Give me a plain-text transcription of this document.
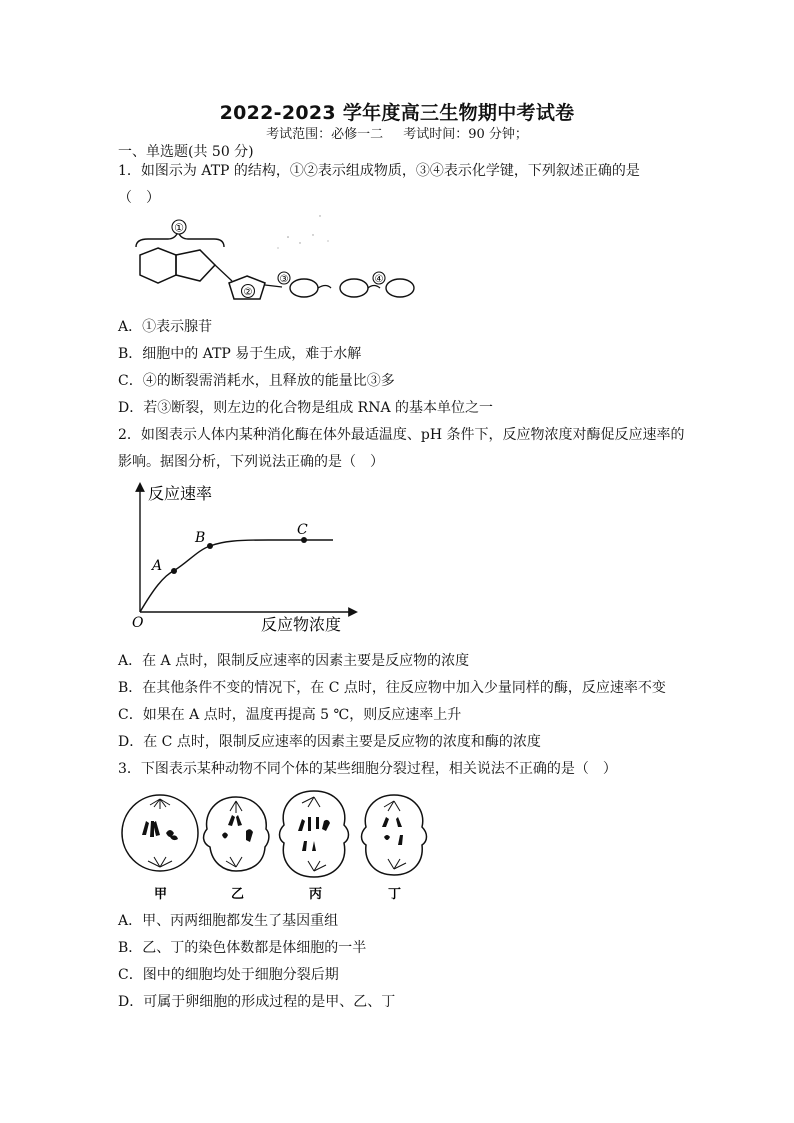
2022-2023 学年度高三生物期中考试卷
考试范围：必修一二 考试时间：90 分钟；
一、单选题(共 50 分)
1．如图示为 ATP 的结构，①②表示组成物质，③④表示化学键，下列叙述正确的是
（　）
①
②
③	④
A．①表示腺苷
B．细胞中的 ATP 易于生成，难于水解
C．④的断裂需消耗水，且释放的能量比③多
D．若③断裂，则左边的化合物是组成 RNA 的基本单位之一
2．如图表示人体内某种消化酶在体外最适温度、pH 条件下，反应物浓度对酶促反应速率的
影响。据图分析，下列说法正确的是（　）
反应速率
反应物浓度
O
A
B	C
A．在 A 点时，限制反应速率的因素主要是反应物的浓度
B．在其他条件不变的情况下，在 C 点时，往反应物中加入少量同样的酶，反应速率不变
C．如果在 A 点时，温度再提高 5 ℃，则反应速率上升
D．在 C 点时，限制反应速率的因素主要是反应物的浓度和酶的浓度
3．下图表示某种动物不同个体的某些细胞分裂过程，相关说法不正确的是（　）
甲	乙	丙	丁
A．甲、丙两细胞都发生了基因重组
B．乙、丁的染色体数都是体细胞的一半
C．图中的细胞均处于细胞分裂后期
D．可属于卵细胞的形成过程的是甲、乙、丁
